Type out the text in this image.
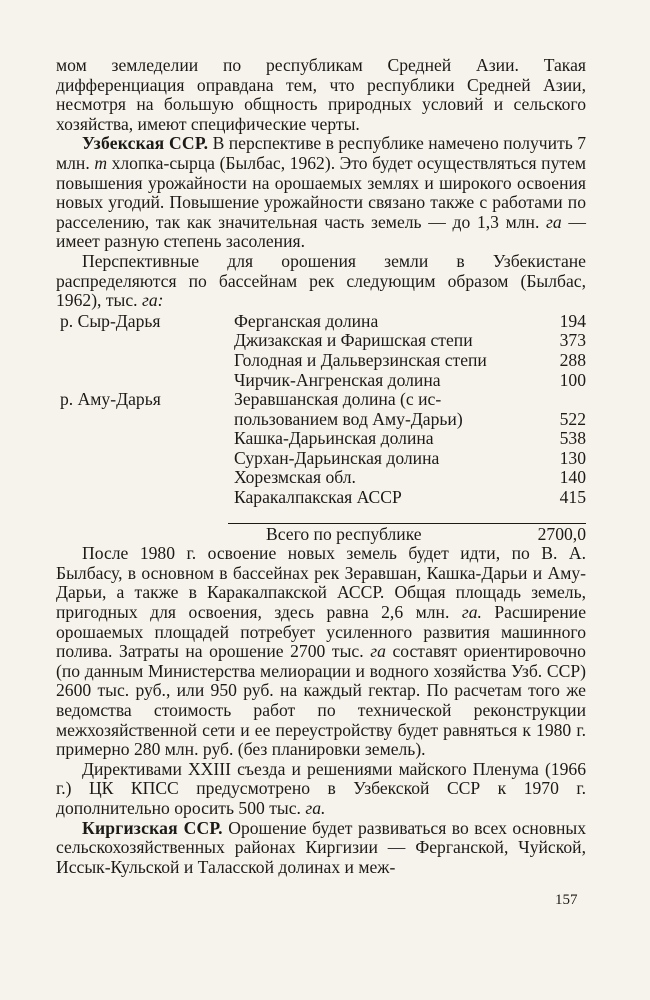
мом земледелии по республикам Средней Азии. Такая дифференциация оправдана тем, что республики Средней Азии, несмотря на большую общность природных условий и сельского хозяйства, имеют специфические черты.

Узбекская ССР. В перспективе в республике намечено получить 7 млн. т хлопка-сырца (Былбас, 1962). Это будет осуществляться путем повышения урожайности на орошаемых землях и широкого освоения новых угодий. Повышение урожайности связано также с работами по расселению, так как значительная часть земель — до 1,3 млн. га — имеет разную степень засоления.

Перспективные для орошения земли в Узбекистане распределяются по бассейнам рек следующим образом (Былбас, 1962), тыс. га:

р. Сыр-Дарья	Ферганская долина	194
Джизакская и Фаришская степи	373
Голодная и Дальверзинская степи	288
Чирчик-Ангренская долина	100
р. Аму-Дарья	Зеравшанская долина (с ис-
пользованием вод Аму-Дарьи)	522
Кашка-Дарьинская долина	538
Сурхан-Дарьинская долина	130
Хорезмская обл.	140
Каракалпакская АССР	415
Всего по республике	2700,0

После 1980 г. освоение новых земель будет идти, по В. А. Былбасу, в основном в бассейнах рек Зеравшан, Кашка-Дарьи и Аму-Дарьи, а также в Каракалпакской АССР. Общая площадь земель, пригодных для освоения, здесь равна 2,6 млн. га. Расширение орошаемых площадей потребует усиленного развития машинного полива. Затраты на орошение 2700 тыс. га составят ориентировочно (по данным Министерства мелиорации и водного хозяйства Узб. ССР) 2600 тыс. руб., или 950 руб. на каждый гектар. По расчетам того же ведомства стоимость работ по технической реконструкции межхозяйственной сети и ее переустройству будет равняться к 1980 г. примерно 280 млн. руб. (без планировки земель).

Директивами XXIII съезда и решениями майского Пленума (1966 г.) ЦК КПСС предусмотрено в Узбекской ССР к 1970 г. дополнительно оросить 500 тыс. га.

Киргизская ССР. Орошение будет развиваться во всех основных сельскохозяйственных районах Киргизии — Ферганской, Чуйской, Иссык-Кульской и Таласской долинах и меж-

157
